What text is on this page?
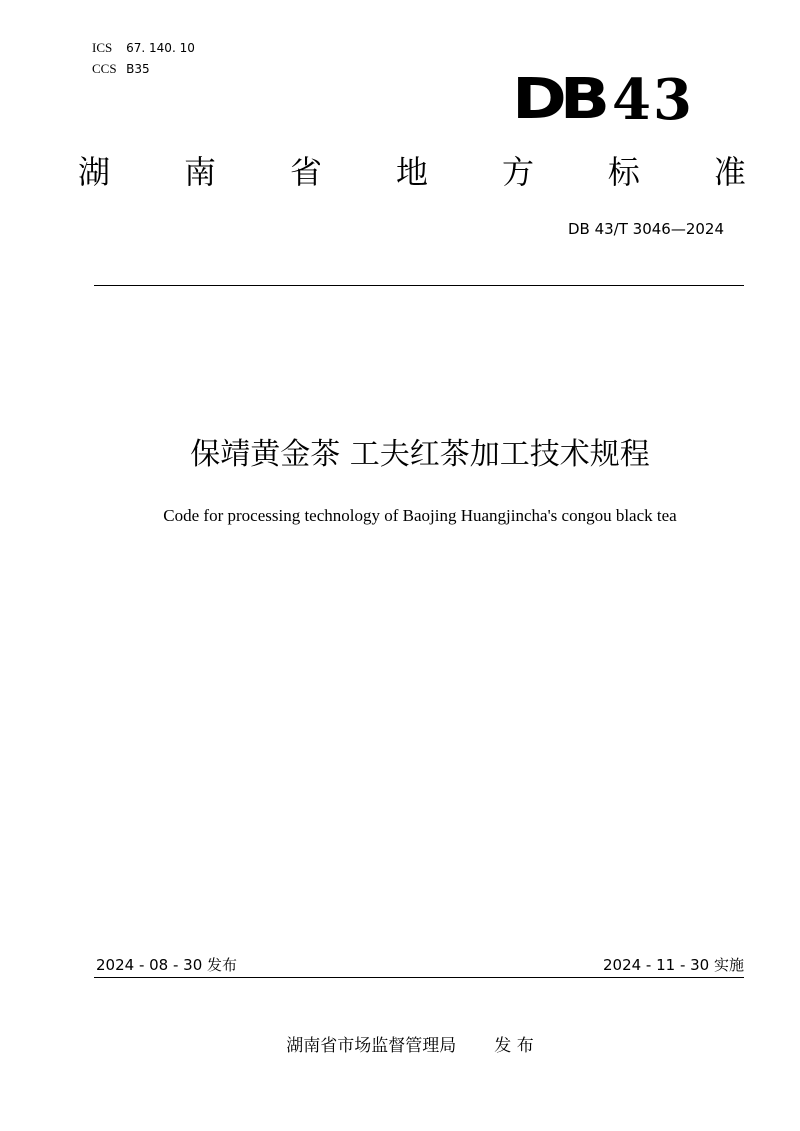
ICS 67. 140. 10
CCS B35	DB 43
湖 南 省 地 方 标 准
DB 43/T 3046—2024
保靖黄金茶 工夫红茶加工技术规程
Code for processing technology of Baojing Huangjincha's congou black tea
2024 - 08 - 30 发布	2024 - 11 - 30 实施
湖南省市场监督管理局 发 布
